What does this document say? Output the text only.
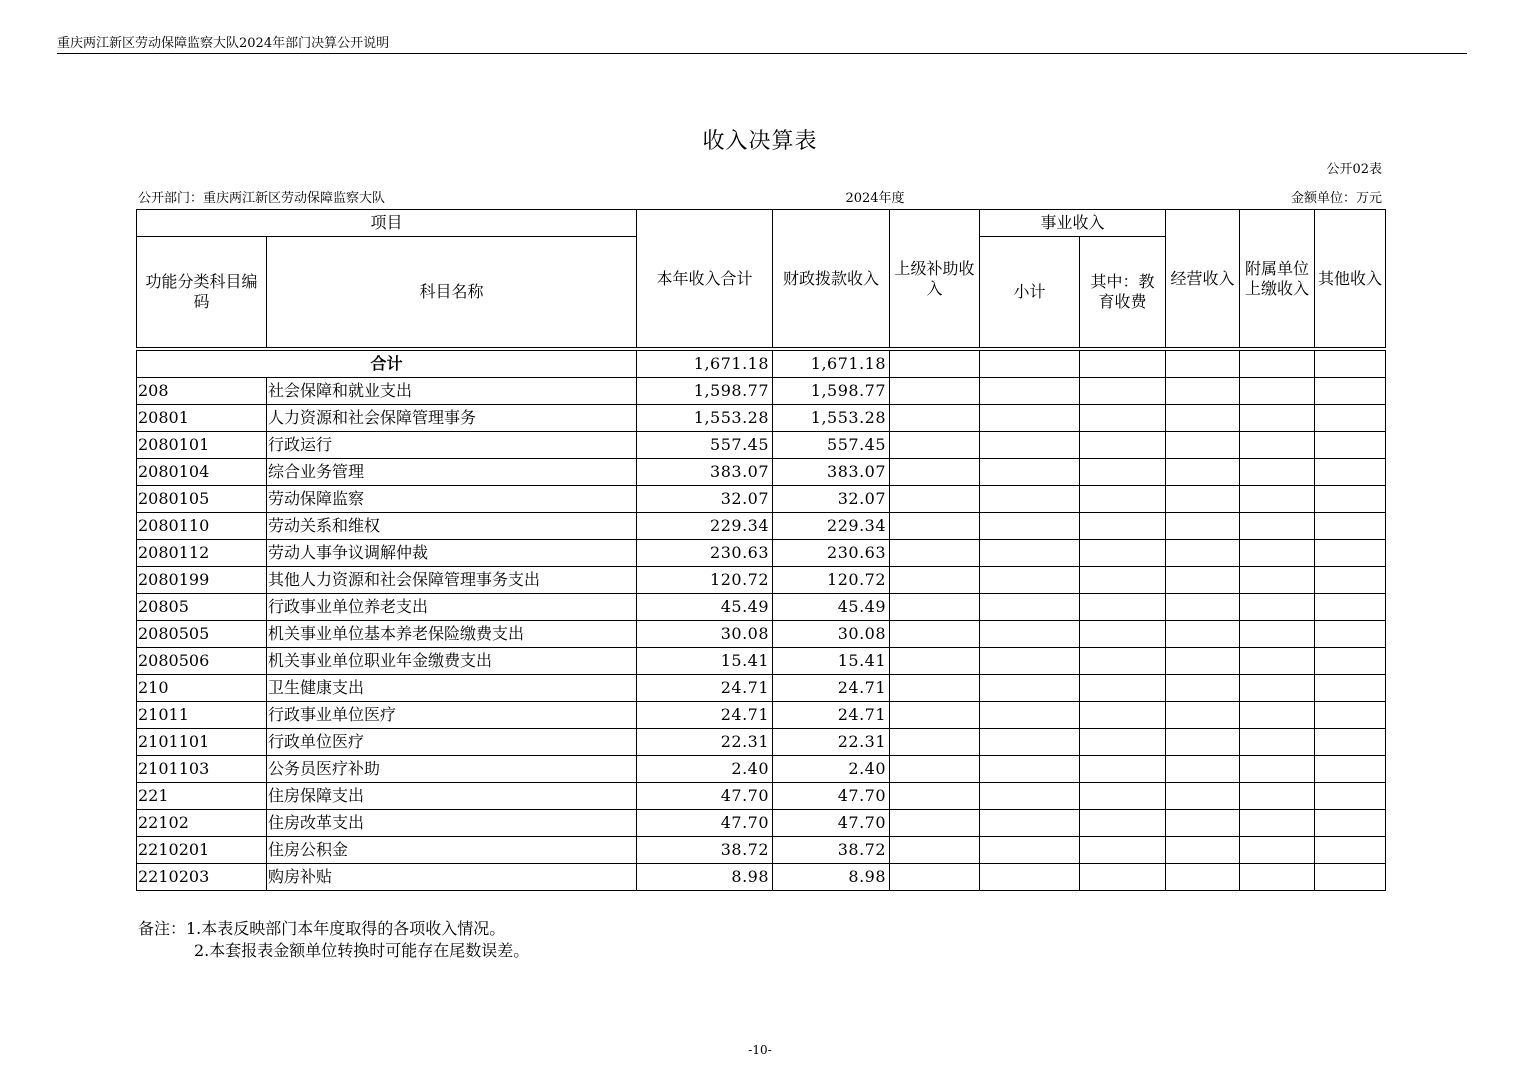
重庆两江新区劳动保障监察大队2024年部门决算公开说明
收入决算表
公开02表
公开部门：重庆两江新区劳动保障监察大队	2024年度	金额单位：万元
项目		本年收入合计	财政拨款收入	上级补助收入	事业收入		经营收入	附属单位上缴收入	其他收入
功能分类科目编码	科目名称				小计	其中：教育收费			

合计		1,671.18	1,671.18						
208	社会保障和就业支出	1,598.77	1,598.77						
20801	人力资源和社会保障管理事务	1,553.28	1,553.28						
2080101	行政运行	557.45	557.45						
2080104	综合业务管理	383.07	383.07						
2080105	劳动保障监察	32.07	32.07						
2080110	劳动关系和维权	229.34	229.34						
2080112	劳动人事争议调解仲裁	230.63	230.63						
2080199	其他人力资源和社会保障管理事务支出	120.72	120.72						
20805	行政事业单位养老支出	45.49	45.49						
2080505	机关事业单位基本养老保险缴费支出	30.08	30.08						
2080506	机关事业单位职业年金缴费支出	15.41	15.41						
210	卫生健康支出	24.71	24.71						
21011	行政事业单位医疗	24.71	24.71						
2101101	行政单位医疗	22.31	22.31						
2101103	公务员医疗补助	2.40	2.40						
221	住房保障支出	47.70	47.70						
22102	住房改革支出	47.70	47.70						
2210201	住房公积金	38.72	38.72						
2210203	购房补贴	8.98	8.98						
备注：1.本表反映部门本年度取得的各项收入情况。
2.本套报表金额单位转换时可能存在尾数误差。
-10-
